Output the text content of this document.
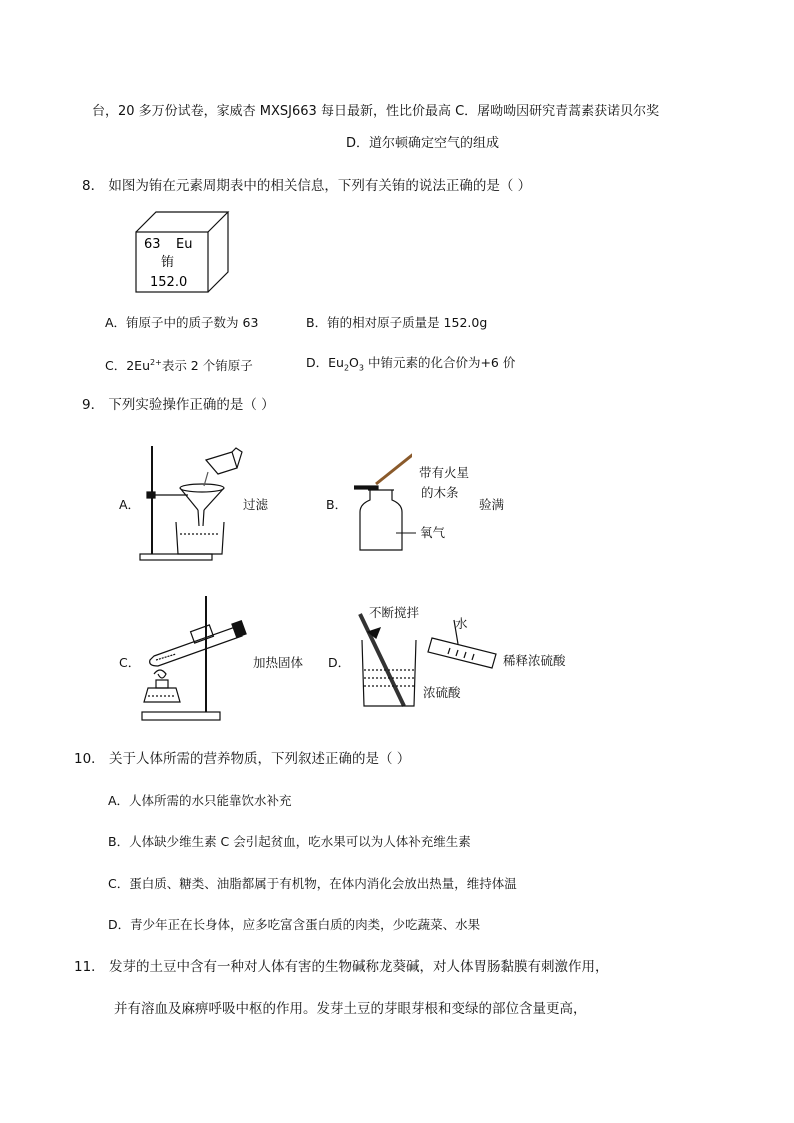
台，20 多万份试卷，家威杏 MXSJ663 每日最新，性比价最高 C．屠呦呦因研究青蒿素获诺贝尔奖
D．道尔顿确定空气的组成
8． 如图为铕在元素周期表中的相关信息，下列有关铕的说法正确的是（ ）
63 Eu
铕
152.0
A．铕原子中的质子数为 63	B．铕的相对原子质量是 152.0g
C．$2Eu^{2+}$表示 2 个铕原子	D．$Eu_2O_3$ 中铕元素的化合价为+6 价
9． 下列实验操作正确的是（ ）
A．	过滤	B．
带有火星
的木条
验满
氧气
C．	加热固体 D．
不断搅拌
水
稀释浓硫酸
浓硫酸
10． 关于人体所需的营养物质，下列叙述正确的是（ ）
A．人体所需的水只能靠饮水补充
B．人体缺少维生素 C 会引起贫血，吃水果可以为人体补充维生素
C．蛋白质、糖类、油脂都属于有机物，在体内消化会放出热量，维持体温
D．青少年正在长身体，应多吃富含蛋白质的肉类，少吃蔬菜、水果
11． 发芽的土豆中含有一种对人体有害的生物碱称龙葵碱，对人体胃肠黏膜有刺激作用，
并有溶血及麻痹呼吸中枢的作用。发芽土豆的芽眼芽根和变绿的部位含量更高，
